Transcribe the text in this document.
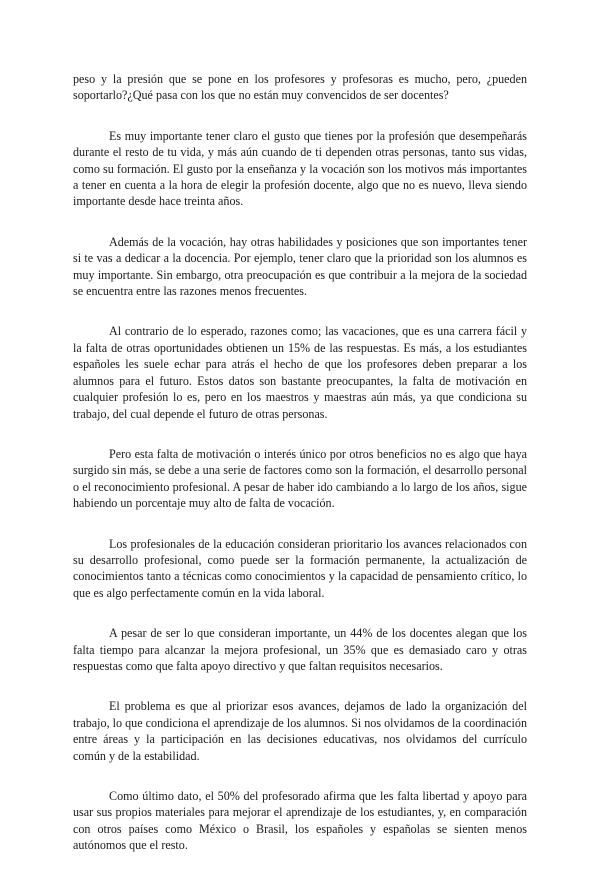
peso y la presión que se pone en los profesores y profesoras es mucho, pero, ¿pueden soportarlo?¿Qué pasa con los que no están muy convencidos de ser docentes?

Es muy importante tener claro el gusto que tienes por la profesión que desempeñarás durante el resto de tu vida, y más aún cuando de ti dependen otras personas, tanto sus vidas, como su formación. El gusto por la enseñanza y la vocación son los motivos más importantes a tener en cuenta a la hora de elegir la profesión docente, algo que no es nuevo, lleva siendo importante desde hace treinta años.

Además de la vocación, hay otras habilidades y posiciones que son importantes tener si te vas a dedicar a la docencia. Por ejemplo, tener claro que la prioridad son los alumnos es muy importante. Sin embargo, otra preocupación es que contribuir a la mejora de la sociedad se encuentra entre las razones menos frecuentes.

Al contrario de lo esperado, razones como; las vacaciones, que es una carrera fácil y la falta de otras oportunidades obtienen un 15% de las respuestas. Es más, a los estudiantes españoles les suele echar para atrás el hecho de que los profesores deben preparar a los alumnos para el futuro. Estos datos son bastante preocupantes, la falta de motivación en cualquier profesión lo es, pero en los maestros y maestras aún más, ya que condiciona su trabajo, del cual depende el futuro de otras personas.

Pero esta falta de motivación o interés único por otros beneficios no es algo que haya surgido sin más, se debe a una serie de factores como son la formación, el desarrollo personal o el reconocimiento profesional. A pesar de haber ido cambiando a lo largo de los años, sigue habiendo un porcentaje muy alto de falta de vocación.

Los profesionales de la educación consideran prioritario los avances relacionados con su desarrollo profesional, como puede ser la formación permanente, la actualización de conocimientos tanto a técnicas como conocimientos y la capacidad de pensamiento crítico, lo que es algo perfectamente común en la vida laboral.

A pesar de ser lo que consideran importante, un 44% de los docentes alegan que los falta tiempo para alcanzar la mejora profesional, un 35% que es demasiado caro y otras respuestas como que falta apoyo directivo y que faltan requisitos necesarios.

El problema es que al priorizar esos avances, dejamos de lado la organización del trabajo, lo que condiciona el aprendizaje de los alumnos. Si nos olvidamos de la coordinación entre áreas y la participación en las decisiones educativas, nos olvidamos del currículo común y de la estabilidad.

Como último dato, el 50% del profesorado afirma que les falta libertad y apoyo para usar sus propios materiales para mejorar el aprendizaje de los estudiantes, y, en comparación con otros países como México o Brasil, los españoles y españolas se sienten menos autónomos que el resto.
